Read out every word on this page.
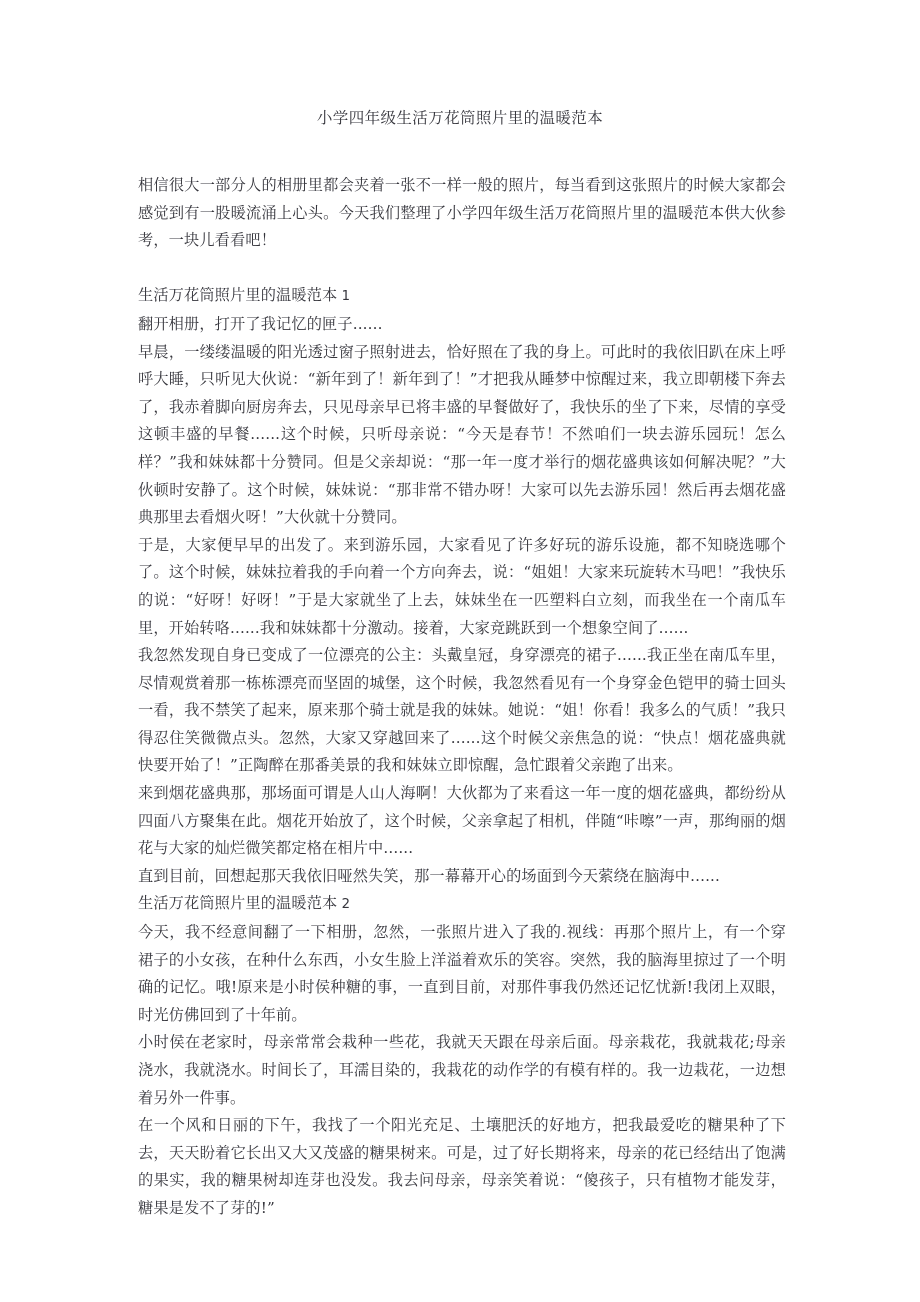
小学四年级生活万花筒照片里的温暖范本

相信很大一部分人的相册里都会夹着一张不一样一般的照片，每当看到这张照片的时候大家都会感觉到有一股暖流涌上心头。今天我们整理了小学四年级生活万花筒照片里的温暖范本供大伙参考，一块儿看看吧！

生活万花筒照片里的温暖范本 1

翻开相册，打开了我记忆的匣子......

早晨，一缕缕温暖的阳光透过窗子照射进去，恰好照在了我的身上。可此时的我依旧趴在床上呼呼大睡，只听见大伙说：“新年到了！新年到了！”才把我从睡梦中惊醒过来，我立即朝楼下奔去了，我赤着脚向厨房奔去，只见母亲早已将丰盛的早餐做好了，我快乐的坐了下来，尽情的享受这顿丰盛的早餐......这个时候，只听母亲说：“今天是春节！不然咱们一块去游乐园玩！怎么样？”我和妹妹都十分赞同。但是父亲却说：“那一年一度才举行的烟花盛典该如何解决呢？”大伙顿时安静了。这个时候，妹妹说：“那非常不错办呀！大家可以先去游乐园！然后再去烟花盛典那里去看烟火呀！”大伙就十分赞同。

于是，大家便早早的出发了。来到游乐园，大家看见了许多好玩的游乐设施，都不知晓选哪个了。这个时候，妹妹拉着我的手向着一个方向奔去，说：“姐姐！大家来玩旋转木马吧！”我快乐的说：“好呀！好呀！”于是大家就坐了上去，妹妹坐在一匹塑料白立刻，而我坐在一个南瓜车里，开始转咯......我和妹妹都十分激动。接着，大家竞跳跃到一个想象空间了......

我忽然发现自身已变成了一位漂亮的公主：头戴皇冠，身穿漂亮的裙子......我正坐在南瓜车里，尽情观赏着那一栋栋漂亮而坚固的城堡，这个时候，我忽然看见有一个身穿金色铠甲的骑士回头一看，我不禁笑了起来，原来那个骑士就是我的妹妹。她说：“姐！你看！我多么的气质！”我只得忍住笑微微点头。忽然，大家又穿越回来了......这个时候父亲焦急的说：“快点！烟花盛典就快要开始了！”正陶醉在那番美景的我和妹妹立即惊醒，急忙跟着父亲跑了出来。

来到烟花盛典那，那场面可谓是人山人海啊！大伙都为了来看这一年一度的烟花盛典，都纷纷从四面八方聚集在此。烟花开始放了，这个时候，父亲拿起了相机，伴随“咔嚓”一声，那绚丽的烟花与大家的灿烂微笑都定格在相片中......

直到目前，回想起那天我依旧哑然失笑，那一幕幕开心的场面到今天萦绕在脑海中......

生活万花筒照片里的温暖范本 2

今天，我不经意间翻了一下相册，忽然，一张照片进入了我的.视线：再那个照片上，有一个穿裙子的小女孩，在种什么东西，小女生脸上洋溢着欢乐的笑容。突然，我的脑海里掠过了一个明确的记忆。哦!原来是小时侯种糖的事，一直到目前，对那件事我仍然还记忆忧新!我闭上双眼，时光仿佛回到了十年前。

小时侯在老家时，母亲常常会栽种一些花，我就天天跟在母亲后面。母亲栽花，我就栽花;母亲浇水，我就浇水。时间长了，耳濡目染的，我栽花的动作学的有模有样的。我一边栽花，一边想着另外一件事。

在一个风和日丽的下午，我找了一个阳光充足、土壤肥沃的好地方，把我最爱吃的糖果种了下去，天天盼着它长出又大又茂盛的糖果树来。可是，过了好长期将来，母亲的花已经结出了饱满的果实，我的糖果树却连芽也没发。我去问母亲，母亲笑着说：“傻孩子，只有植物才能发芽，糖果是发不了芽的!”
